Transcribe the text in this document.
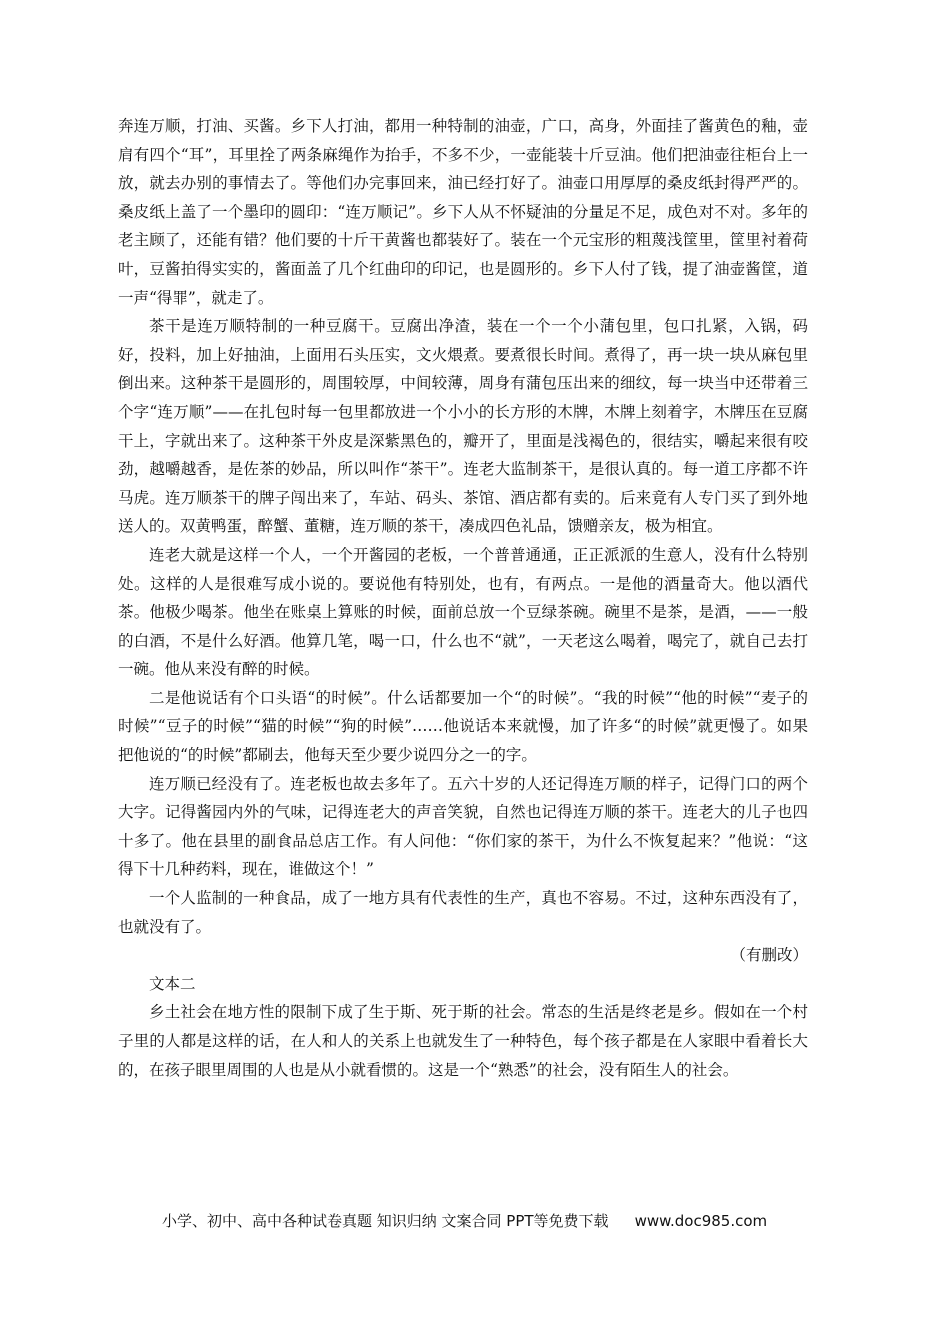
奔连万顺，打油、买酱。乡下人打油，都用一种特制的油壶，广口，高身，外面挂了酱黄色的釉，壶肩有四个“耳”，耳里拴了两条麻绳作为抬手，不多不少，一壶能装十斤豆油。他们把油壶往柜台上一放，就去办别的事情去了。等他们办完事回来，油已经打好了。油壶口用厚厚的桑皮纸封得严严的。桑皮纸上盖了一个墨印的圆印：“连万顺记”。乡下人从不怀疑油的分量足不足，成色对不对。多年的老主顾了，还能有错？他们要的十斤干黄酱也都装好了。装在一个元宝形的粗蔑浅筐里，筐里衬着荷叶，豆酱拍得实实的，酱面盖了几个红曲印的印记，也是圆形的。乡下人付了钱，提了油壶酱筐，道一声“得罪”，就走了。

茶干是连万顺特制的一种豆腐干。豆腐出净渣，装在一个一个小蒲包里，包口扎紧，入锅，码好，投料，加上好抽油，上面用石头压实，文火煨煮。要煮很长时间。煮得了，再一块一块从麻包里倒出来。这种茶干是圆形的，周围较厚，中间较薄，周身有蒲包压出来的细纹，每一块当中还带着三个字“连万顺”——在扎包时每一包里都放进一个小小的长方形的木牌，木牌上刻着字，木牌压在豆腐干上，字就出来了。这种茶干外皮是深紫黑色的，瓣开了，里面是浅褐色的，很结实，嚼起来很有咬劲，越嚼越香，是佐茶的妙品，所以叫作“茶干”。连老大监制茶干，是很认真的。每一道工序都不许马虎。连万顺茶干的牌子闯出来了，车站、码头、茶馆、酒店都有卖的。后来竟有人专门买了到外地送人的。双黄鸭蛋，醉蟹、董糖，连万顺的茶干，凑成四色礼品，馈赠亲友，极为相宜。

连老大就是这样一个人，一个开酱园的老板，一个普普通通，正正派派的生意人，没有什么特别处。这样的人是很难写成小说的。要说他有特别处，也有，有两点。一是他的酒量奇大。他以酒代茶。他极少喝茶。他坐在账桌上算账的时候，面前总放一个豆绿茶碗。碗里不是茶，是酒，——一般的白酒，不是什么好酒。他算几笔，喝一口，什么也不“就”，一天老这么喝着，喝完了，就自己去打一碗。他从来没有醉的时候。

二是他说话有个口头语“的时候”。什么话都要加一个“的时候”。“我的时候”“他的时候”“麦子的时候”“豆子的时候”“猫的时候”“狗的时候”……他说话本来就慢，加了许多“的时候”就更慢了。如果把他说的“的时候”都刷去，他每天至少要少说四分之一的字。

连万顺已经没有了。连老板也故去多年了。五六十岁的人还记得连万顺的样子，记得门口的两个大字。记得酱园内外的气味，记得连老大的声音笑貌，自然也记得连万顺的茶干。连老大的儿子也四十多了。他在县里的副食品总店工作。有人问他：“你们家的茶干，为什么不恢复起来？”他说：“这得下十几种药料，现在，谁做这个！”

一个人监制的一种食品，成了一地方具有代表性的生产，真也不容易。不过，这种东西没有了，也就没有了。

（有删改）

文本二

乡土社会在地方性的限制下成了生于斯、死于斯的社会。常态的生活是终老是乡。假如在一个村子里的人都是这样的话，在人和人的关系上也就发生了一种特色，每个孩子都是在人家眼中看着长大的，在孩子眼里周围的人也是从小就看惯的。这是一个“熟悉”的社会，没有陌生人的社会。

小学、初中、高中各种试卷真题 知识归纳 文案合同 PPT等免费下载 www.doc985.com
